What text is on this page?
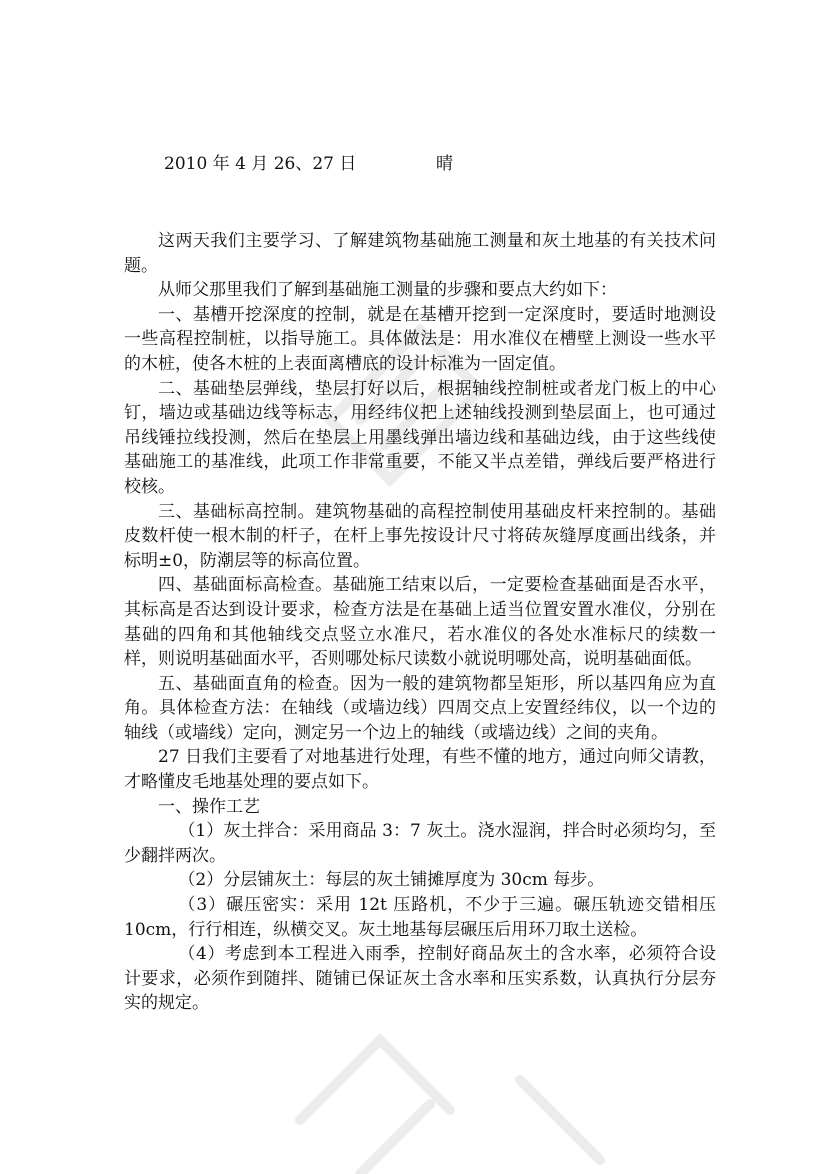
2010 年 4 月 26、27 日	晴

这两天我们主要学习、了解建筑物基础施工测量和灰土地基的有关技术问题。

从师父那里我们了解到基础施工测量的步骤和要点大约如下：

一、基槽开挖深度的控制，就是在基槽开挖到一定深度时，要适时地测设一些高程控制桩，以指导施工。具体做法是：用水准仪在槽壁上测设一些水平的木桩，使各木桩的上表面离槽底的设计标准为一固定值。

二、基础垫层弹线，垫层打好以后，根据轴线控制桩或者龙门板上的中心钉，墙边或基础边线等标志，用经纬仪把上述轴线投测到垫层面上，也可通过吊线锤拉线投测，然后在垫层上用墨线弹出墙边线和基础边线，由于这些线使基础施工的基准线，此项工作非常重要，不能又半点差错，弹线后要严格进行校核。

三、基础标高控制。建筑物基础的高程控制使用基础皮杆来控制的。基础皮数杆使一根木制的杆子，在杆上事先按设计尺寸将砖灰缝厚度画出线条，并标明±0，防潮层等的标高位置。

四、基础面标高检查。基础施工结束以后，一定要检查基础面是否水平，其标高是否达到设计要求，检查方法是在基础上适当位置安置水准仪，分别在基础的四角和其他轴线交点竖立水准尺，若水准仪的各处水准标尺的续数一样，则说明基础面水平，否则哪处标尺读数小就说明哪处高，说明基础面低。

五、基础面直角的检查。因为一般的建筑物都呈矩形，所以基四角应为直角。具体检查方法：在轴线（或墙边线）四周交点上安置经纬仪，以一个边的轴线（或墙线）定向，测定另一个边上的轴线（或墙边线）之间的夹角。

27 日我们主要看了对地基进行处理，有些不懂的地方，通过向师父请教，才略懂皮毛地基处理的要点如下。

一、操作工艺

（1）灰土拌合：采用商品 3：7 灰土。浇水湿润，拌合时必须均匀，至少翻拌两次。

（2）分层铺灰土：每层的灰土铺摊厚度为 30cm 每步。

（3）碾压密实：采用 12t 压路机，不少于三遍。碾压轨迹交错相压 10cm，行行相连，纵横交叉。灰土地基每层碾压后用环刀取土送检。

（4）考虑到本工程进入雨季，控制好商品灰土的含水率，必须符合设计要求，必须作到随拌、随铺已保证灰土含水率和压实系数，认真执行分层夯实的规定。
